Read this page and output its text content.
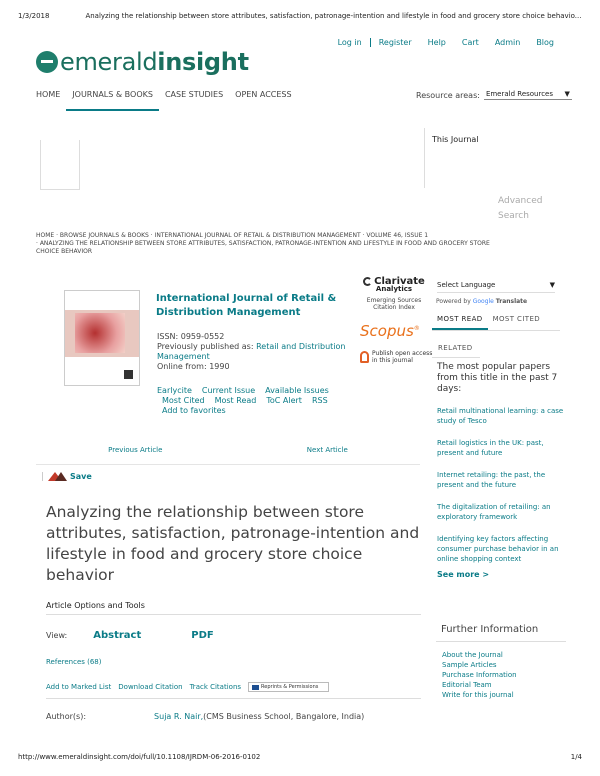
1/3/2018	Analyzing the relationship between store attributes, satisfaction, patronage-intention and lifestyle in food and grocery store choice behavio...
Log in	Register	Help	Cart	Admin	Blog
emeraldinsight
HOME	JOURNALS & BOOKS	CASE STUDIES	OPEN ACCESS	Resource areas: Emerald Resources ▼
This Journal
Advanced
Search
HOME · BROWSE JOURNALS & BOOKS · INTERNATIONAL JOURNAL OF RETAIL & DISTRIBUTION MANAGEMENT · VOLUME 46, ISSUE 1
· ANALYZING THE RELATIONSHIP BETWEEN STORE ATTRIBUTES, SATISFACTION, PATRONAGE-INTENTION AND LIFESTYLE IN FOOD AND GROCERY STORE
CHOICE BEHAVIOR
International Journal of Retail & Distribution Management
ISSN: 0959-0552
Previously published as: Retail and Distribution Management
Online from: 1990
Earlycite Current Issue Available Issues
Most Cited Most Read ToC Alert RSS
Add to favorites
Clarivate
Analytics
Emerging Sources
Citation Index
Scopus®
Publish open access
in this journal
Select Language	▼
Powered by Google Translate
MOST READ	MOST CITED
RELATED
The most popular papers from this title in the past 7 days:
Retail multinational learning: a case study of Tesco
Retail logistics in the UK: past, present and future
Internet retailing: the past, the present and the future
The digitalization of retailing: an exploratory framework
Identifying key factors affecting consumer purchase behavior in an online shopping context
See more >
Previous Article	Next Article
Save
Analyzing the relationship between store attributes, satisfaction, patronage-intention and lifestyle in food and grocery store choice behavior
Article Options and Tools
View:	Abstract	PDF
References (68)
Add to Marked List Download Citation Track Citations	Reprints & Permissions
Author(s):	Suja R. Nair, (CMS Business School, Bangalore, India)
Further Information
About the Journal
Sample Articles
Purchase Information
Editorial Team
Write for this journal
http://www.emeraldinsight.com/doi/full/10.1108/IJRDM-06-2016-0102	1/4
